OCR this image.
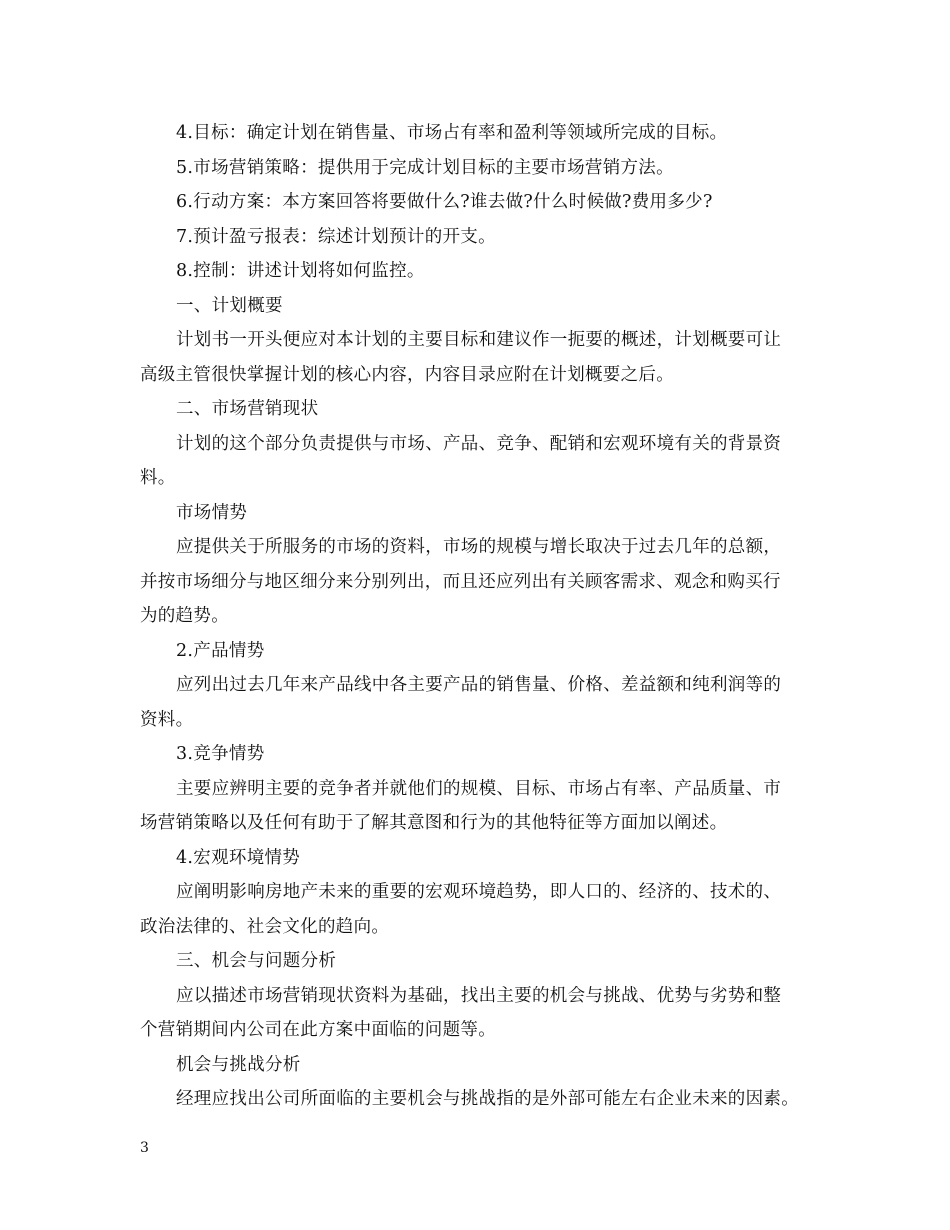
4.目标：确定计划在销售量、市场占有率和盈利等领域所完成的目标。
5.市场营销策略：提供用于完成计划目标的主要市场营销方法。
6.行动方案：本方案回答将要做什么?谁去做?什么时候做?费用多少?
7.预计盈亏报表：综述计划预计的开支。
8.控制：讲述计划将如何监控。
一、计划概要
计划书一开头便应对本计划的主要目标和建议作一扼要的概述，计划概要可让
高级主管很快掌握计划的核心内容，内容目录应附在计划概要之后。
二、市场营销现状
计划的这个部分负责提供与市场、产品、竞争、配销和宏观环境有关的背景资
料。
市场情势
应提供关于所服务的市场的资料，市场的规模与增长取决于过去几年的总额，
并按市场细分与地区细分来分别列出，而且还应列出有关顾客需求、观念和购买行
为的趋势。
2.产品情势
应列出过去几年来产品线中各主要产品的销售量、价格、差益额和纯利润等的
资料。
3.竞争情势
主要应辨明主要的竞争者并就他们的规模、目标、市场占有率、产品质量、市
场营销策略以及任何有助于了解其意图和行为的其他特征等方面加以阐述。
4.宏观环境情势
应阐明影响房地产未来的重要的宏观环境趋势，即人口的、经济的、技术的、
政治法律的、社会文化的趋向。
三、机会与问题分析
应以描述市场营销现状资料为基础，找出主要的机会与挑战、优势与劣势和整
个营销期间内公司在此方案中面临的问题等。
机会与挑战分析
经理应找出公司所面临的主要机会与挑战指的是外部可能左右企业未来的因素。
3
